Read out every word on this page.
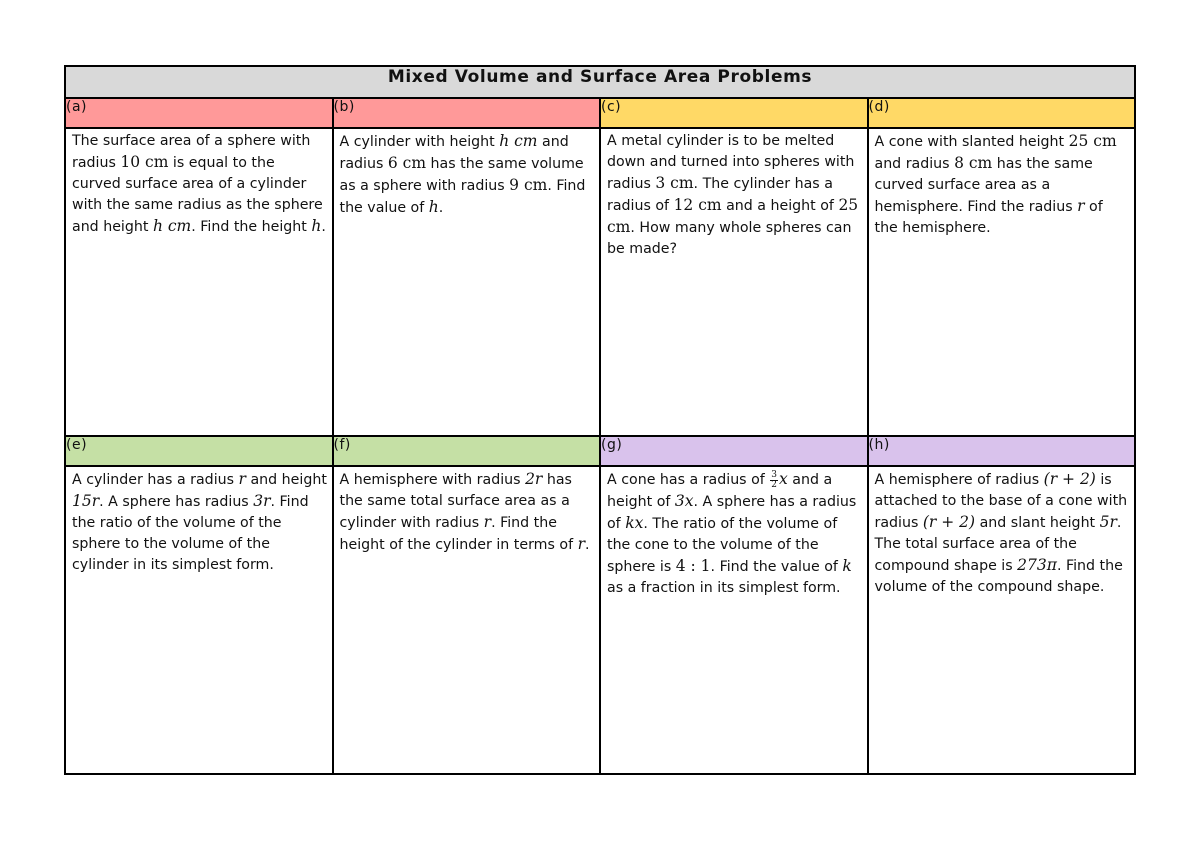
Mixed Volume and Surface Area Problems			
(a)	(b)	(c)	(d)

The surface area of a sphere with radius 10 cm is equal to the curved surface area of a cylinder with the same radius as the sphere and height h cm. Find the height h.	A cylinder with height h cm and radius 6 cm has the same volume as a sphere with radius 9 cm. Find the value of h.	A metal cylinder is to be melted down and turned into spheres with radius 3 cm. The cylinder has a radius of 12 cm and a height of 25 cm. How many whole spheres can be made?	A cone with slanted height 25 cm and radius 8 cm has the same curved surface area as a hemisphere. Find the radius r of the hemisphere.

(e)	(f)	(g)	(h)

A cylinder has a radius r and height 15r. A sphere has radius 3r. Find the ratio of the volume of the sphere to the volume of the cylinder in its simplest form.	A hemisphere with radius 2r has the same total surface area as a cylinder with radius r. Find the height of the cylinder in terms of r.	A cone has a radius of $\frac{3}{2}$ x and a height of 3x. A sphere has a radius of kx. The ratio of the volume of the cone to the volume of the sphere is 4 : 1. Find the value of k as a fraction in its simplest form.	A hemisphere of radius (r + 2) is attached to the base of a cone with radius (r + 2) and slant height 5r. The total surface area of the compound shape is 273π. Find the volume of the compound shape.
